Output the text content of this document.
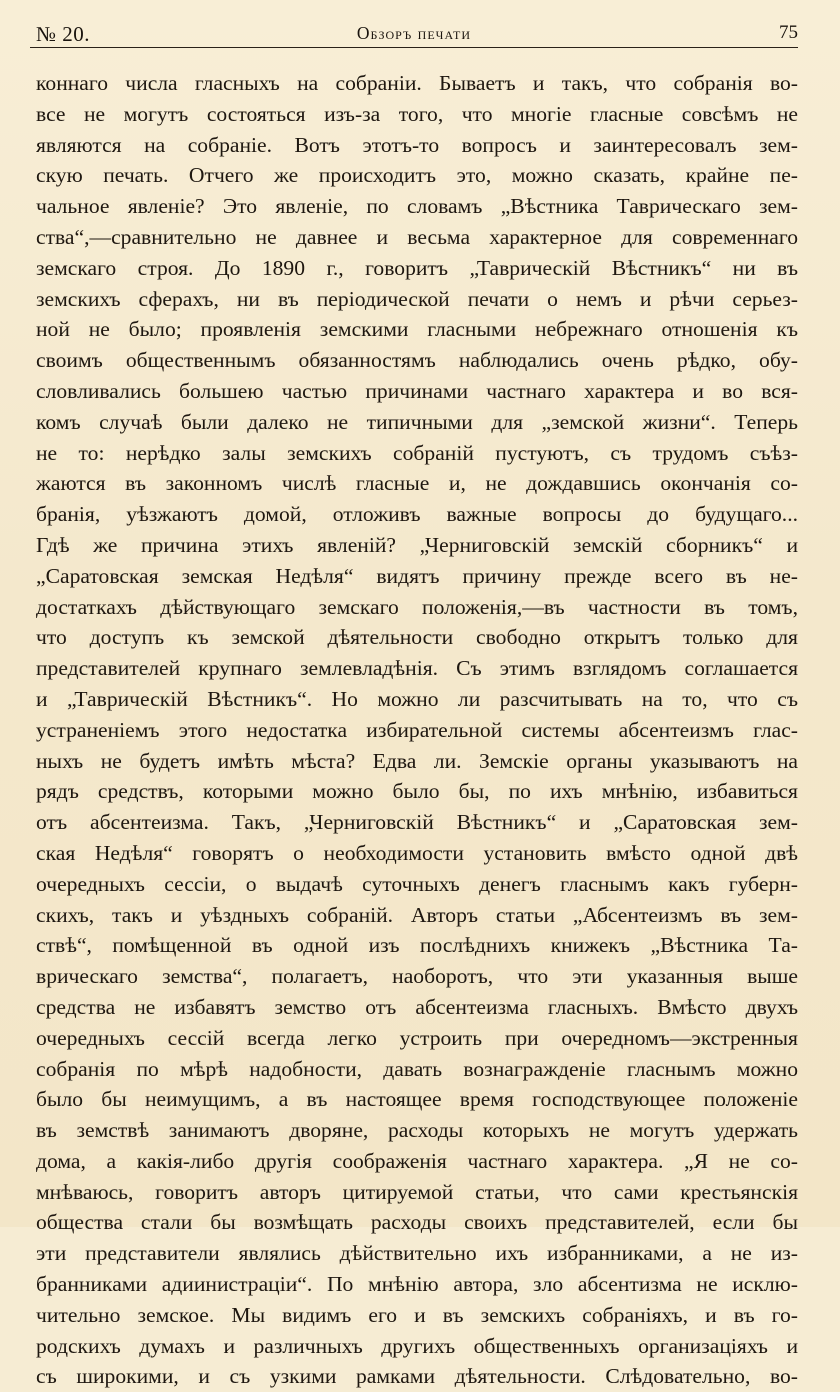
№ 20.	Обзоръ печати	75
коннаго числа гласныхъ на собраніи. Бываетъ и такъ, что собранія во-
все не могутъ состояться изъ-за того, что многіе гласные совсѣмъ не
являются на собраніе. Вотъ этотъ-то вопросъ и заинтересовалъ зем-
скую печать. Отчего же происходитъ это, можно сказать, крайне пе-
чальное явленіе? Это явленіе, по словамъ „Вѣстника Таврическаго зем-
ства“,—сравнительно не давнее и весьма характерное для современнаго
земскаго строя. До 1890 г., говоритъ „Таврическій Вѣстникъ“ ни въ
земскихъ сферахъ, ни въ періодической печати о немъ и рѣчи серьез-
ной не было; проявленія земскими гласными небрежнаго отношенія къ
своимъ общественнымъ обязанностямъ наблюдались очень рѣдко, обу-
словливались большею частью причинами частнаго характера и во вся-
комъ случаѣ были далеко не типичными для „земской жизни“. Теперь
не то: нерѣдко залы земскихъ собраній пустуютъ, съ трудомъ съѣз-
жаются въ законномъ числѣ гласные и, не дождавшись окончанія со-
бранія, уѣзжаютъ домой, отложивъ важные вопросы до будущаго...
Гдѣ же причина этихъ явленій? „Черниговскій земскій сборникъ“ и
„Саратовская земская Недѣля“ видятъ причину прежде всего въ не-
достаткахъ дѣйствующаго земскаго положенія,—въ частности въ томъ,
что доступъ къ земской дѣятельности свободно открытъ только для
представителей крупнаго землевладѣнія. Съ этимъ взглядомъ соглашается
и „Таврическій Вѣстникъ“. Но можно ли разсчитывать на то, что съ
устраненіемъ этого недостатка избирательной системы абсентеизмъ глас-
ныхъ не будетъ имѣть мѣста? Едва ли. Земскіе органы указываютъ на
рядъ средствъ, которыми можно было бы, по ихъ мнѣнію, избавиться
отъ абсентеизма. Такъ, „Черниговскій Вѣстникъ“ и „Саратовская зем-
ская Недѣля“ говорятъ о необходимости установить вмѣсто одной двѣ
очередныхъ сессіи, о выдачѣ суточныхъ денегъ гласнымъ какъ губерн-
скихъ, такъ и уѣздныхъ собраній. Авторъ статьи „Абсентеизмъ въ зем-
ствѣ“, помѣщенной въ одной изъ послѣднихъ книжекъ „Вѣстника Та-
врическаго земства“, полагаетъ, наоборотъ, что эти указанныя выше
средства не избавятъ земство отъ абсентеизма гласныхъ. Вмѣсто двухъ
очередныхъ сессій всегда легко устроить при очередномъ—экстренныя
собранія по мѣрѣ надобности, давать вознагражденіе гласнымъ можно
было бы неимущимъ, а въ настоящее время господствующее положеніе
въ земствѣ занимаютъ дворяне, расходы которыхъ не могутъ удержать
дома, а какія-либо другія соображенія частнаго характера. „Я не со-
мнѣваюсь, говоритъ авторъ цитируемой статьи, что сами крестьянскія
общества стали бы возмѣщать расходы своихъ представителей, если бы
эти представители являлись дѣйствительно ихъ избранниками, а не из-
бранниками адиинистраціи“. По мнѣнію автора, зло абсентизма не исклю-
чительно земское. Мы видимъ его и въ земскихъ собраніяхъ, и въ го-
родскихъ думахъ и различныхъ другихъ общественныхъ организаціяхъ и
съ широкими, и съ узкими рамками дѣятельности. Слѣдовательно, во-
